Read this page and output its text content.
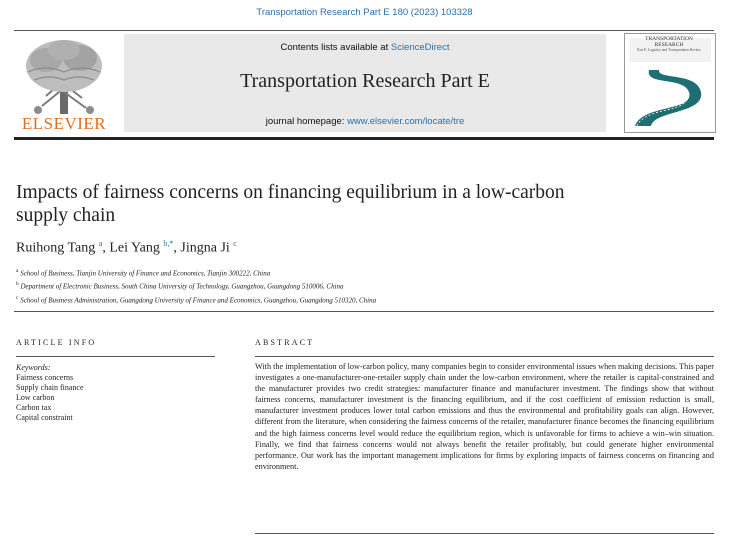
Transportation Research Part E 180 (2023) 103328
ELSEVIER
Contents lists available at ScienceDirect
Transportation Research Part E
journal homepage: www.elsevier.com/locate/tre
TRANSPORTATION
RESEARCH
Part E: Logistics and Transportation Review
Impacts of fairness concerns on financing equilibrium in a low-carbon supply chain
Ruihong Tang $^a$, Lei Yang $^{b,*}$, Jingna Ji $^c$
$^a$ School of Business, Tianjin University of Finance and Economics, Tianjin 300222, China
$^b$ Department of Electronic Business, South China University of Technology, Guangzhou, Guangdong 510006, China
$^c$ School of Business Administration, Guangdong University of Finance and Economics, Guangzhou, Guangdong 510320, China
ARTICLE INFO
Keywords:
Fairness concerns
Supply chain finance
Low carbon
Carbon tax
Capital constraint
ABSTRACT
With the implementation of low-carbon policy, many companies begin to consider environmental issues when making decisions. This paper investigates a one-manufacturer-one-retailer supply chain under the low-carbon environment, where the retailer is capital-constrained and the manufacturer provides two credit strategies: manufacturer finance and manufacturer investment. The findings show that without fairness concerns, manufacturer investment is the financing equilibrium, and if the cost coefficient of emission reduction is small, manufacturer investment produces lower total carbon emissions and thus the environmental and profitability goals can align. However, different from the literature, when considering the fairness concerns of the retailer, manufacturer finance becomes the financing equilibrium and the high fairness concerns level would reduce the equilibrium region, which is unfavorable for firms to achieve a win–win situation. Finally, we find that fairness concerns would not always benefit the retailer profitably, but could generate higher environmental performance. Our work has the important management implications for firms by exploring impacts of fairness concerns on financing and environment.
